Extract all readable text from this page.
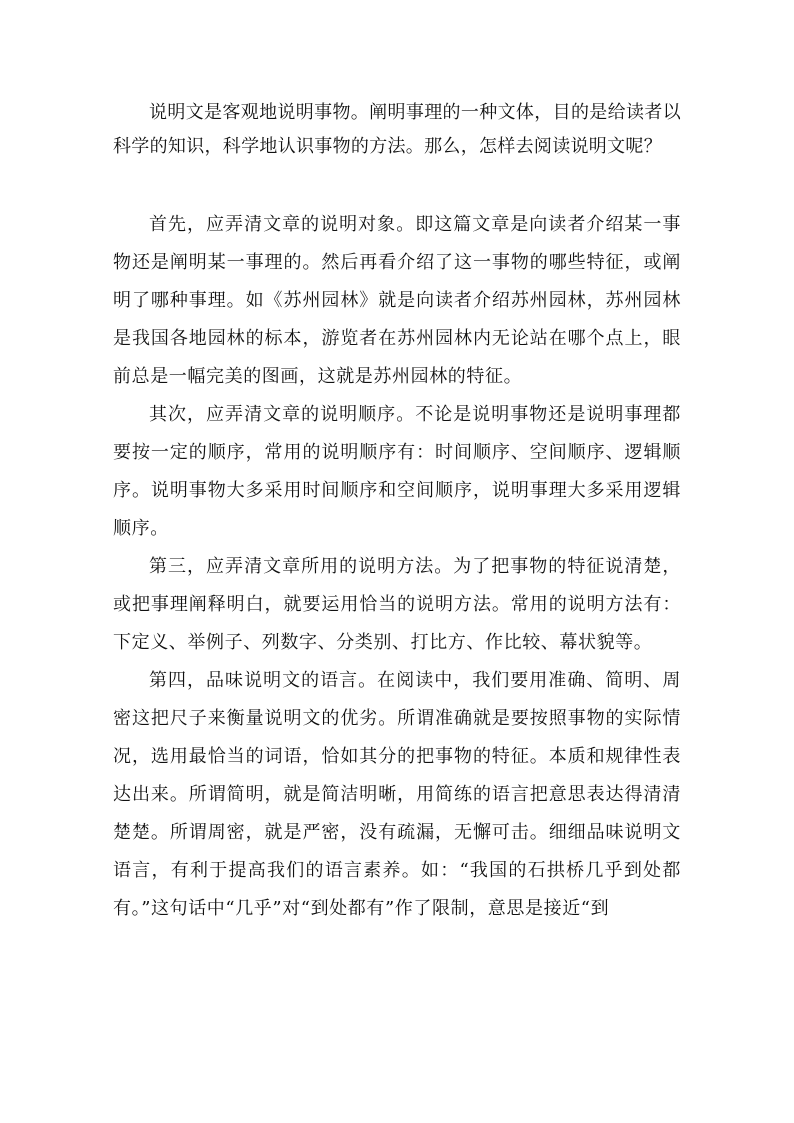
说明文是客观地说明事物。阐明事理的一种文体，目的是给读者以科学的知识，科学地认识事物的方法。那么，怎样去阅读说明文呢？

首先，应弄清文章的说明对象。即这篇文章是向读者介绍某一事物还是阐明某一事理的。然后再看介绍了这一事物的哪些特征，或阐明了哪种事理。如《苏州园林》就是向读者介绍苏州园林，苏州园林是我国各地园林的标本，游览者在苏州园林内无论站在哪个点上，眼前总是一幅完美的图画，这就是苏州园林的特征。

其次，应弄清文章的说明顺序。不论是说明事物还是说明事理都要按一定的顺序，常用的说明顺序有：时间顺序、空间顺序、逻辑顺序。说明事物大多采用时间顺序和空间顺序，说明事理大多采用逻辑顺序。

第三，应弄清文章所用的说明方法。为了把事物的特征说清楚，或把事理阐释明白，就要运用恰当的说明方法。常用的说明方法有：下定义、举例子、列数字、分类别、打比方、作比较、幕状貌等。

第四，品味说明文的语言。在阅读中，我们要用准确、简明、周密这把尺子来衡量说明文的优劣。所谓准确就是要按照事物的实际情况，选用最恰当的词语，恰如其分的把事物的特征。本质和规律性表达出来。所谓简明，就是简洁明晰，用简练的语言把意思表达得清清楚楚。所谓周密，就是严密，没有疏漏，无懈可击。细细品味说明文语言，有利于提高我们的语言素养。如：“我国的石拱桥几乎到处都有。”这句话中“几乎”对“到处都有”作了限制，意思是接近“到
